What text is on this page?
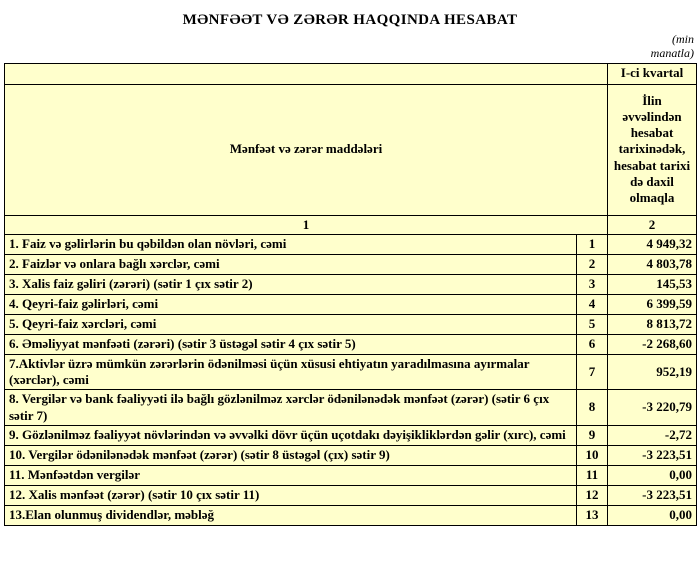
MƏNFƏƏT VƏ ZƏRƏR HAQQINDA HESABAT
(min manatla)
		I-ci kvartal
Mənfəət və zərər maddələri		İlin əvvəlindən hesabat tarixinədək, hesabat tarixi də daxil olmaqla
1		2
1. Faiz və gəlirlərin bu qəbildən olan növləri, cəmi	1	4 949,32
2. Faizlər və onlara bağlı xərclər, cəmi	2	4 803,78
3. Xalis faiz gəliri (zərəri) (sətir 1 çıx sətir 2)	3	145,53
4. Qeyri-faiz gəlirləri, cəmi	4	6 399,59
5. Qeyri-faiz xərcləri, cəmi	5	8 813,72
6. Əməliyyat mənfəəti (zərəri) (sətir 3 üstəgəl sətir 4 çıx sətir 5)	6	-2 268,60
7.Aktivlər üzrə mümkün zərərlərin ödənilməsi üçün xüsusi ehtiyatın yaradılmasına ayırmalar (xərclər), cəmi	7	952,19
8. Vergilər və bank fəaliyyəti ilə bağlı gözlənilməz xərclər ödənilənədək mənfəət (zərər) (sətir 6 çıx sətir 7)	8	-3 220,79
9. Gözlənilməz fəaliyyət növlərindən və əvvəlki dövr üçün uçotdakı dəyişikliklərdən gəlir (xırc), cəmi	9	-2,72
10. Vergilər ödənilənədək mənfəət (zərər) (sətir 8 üstəgəl (çıx) sətir 9)	10	-3 223,51
11. Mənfəətdən vergilər	11	0,00
12. Xalis mənfəət (zərər) (sətir 10 çıx sətir 11)	12	-3 223,51
13.Elan olunmuş dividendlər, məbləğ	13	0,00
